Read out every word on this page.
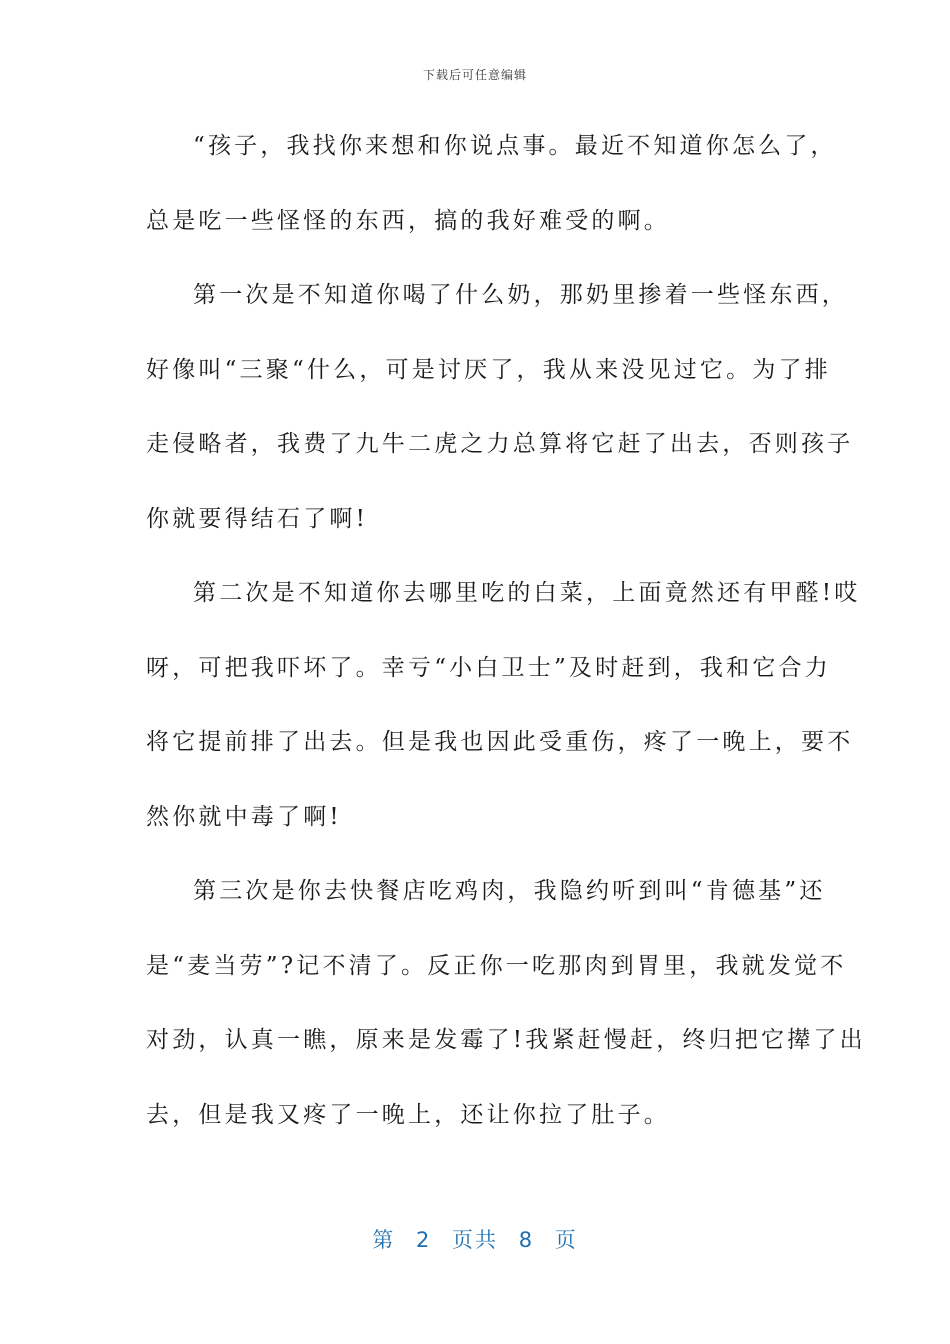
下载后可任意编辑
“孩子，我找你来想和你说点事。最近不知道你怎么了，
总是吃一些怪怪的东西，搞的我好难受的啊。
第一次是不知道你喝了什么奶，那奶里掺着一些怪东西，
好像叫“三聚“什么，可是讨厌了，我从来没见过它。为了排
走侵略者，我费了九牛二虎之力总算将它赶了出去，否则孩子
你就要得结石了啊!
第二次是不知道你去哪里吃的白菜，上面竟然还有甲醛!哎
呀，可把我吓坏了。幸亏“小白卫士”及时赶到，我和它合力
将它提前排了出去。但是我也因此受重伤，疼了一晚上，要不
然你就中毒了啊!
第三次是你去快餐店吃鸡肉，我隐约听到叫“肯德基”还
是“麦当劳”?记不清了。反正你一吃那肉到胃里，我就发觉不
对劲，认真一瞧，原来是发霉了!我紧赶慢赶，终归把它撵了出
去，但是我又疼了一晚上，还让你拉了肚子。
第 2 页共 8 页
